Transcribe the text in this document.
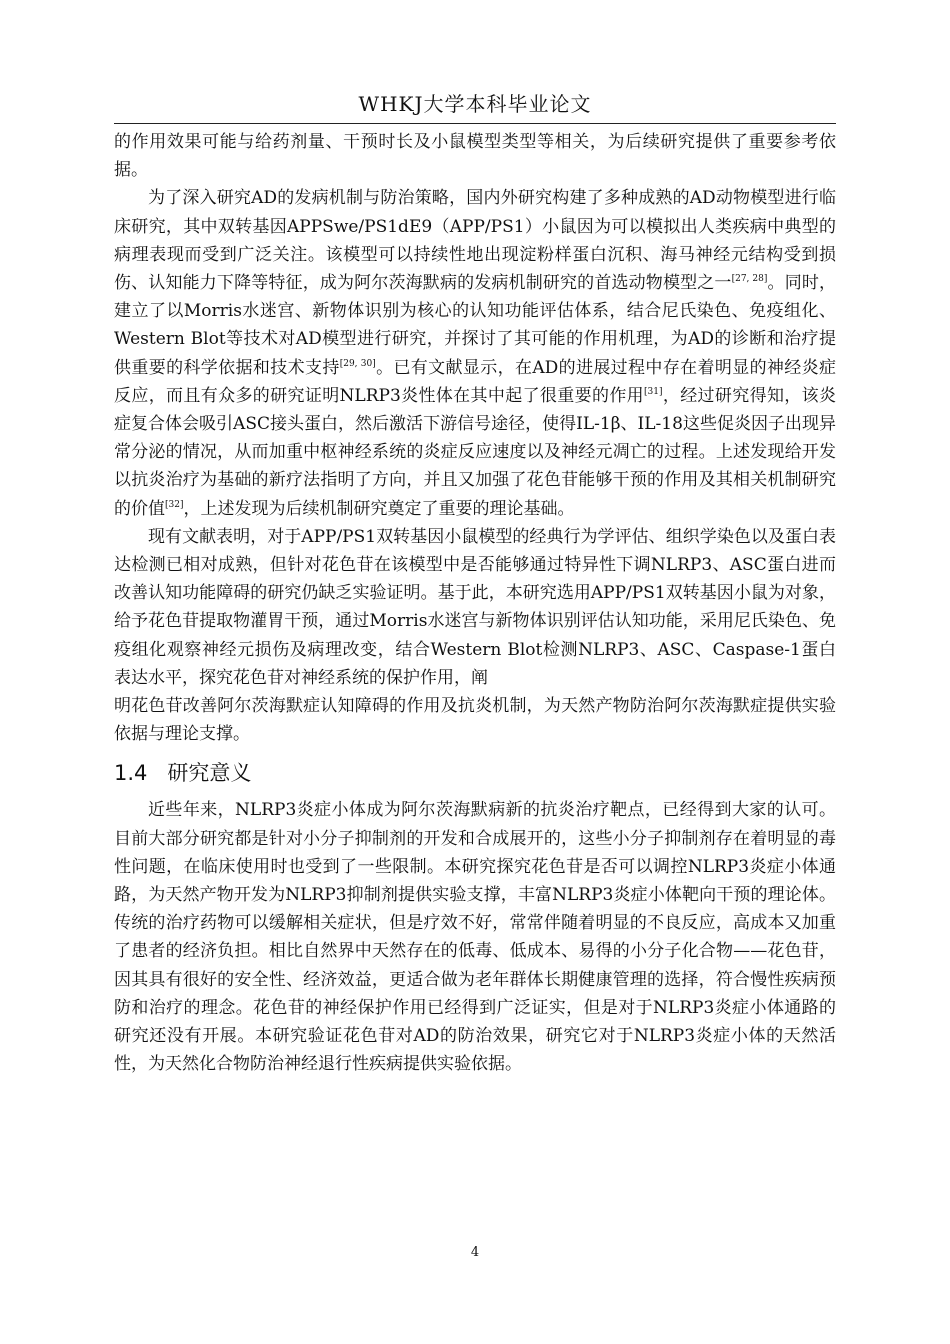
WHKJ大学本科毕业论文

的作用效果可能与给药剂量、干预时长及小鼠模型类型等相关，为后续研究提供了重要参考依据。

为了深入研究AD的发病机制与防治策略，国内外研究构建了多种成熟的AD动物模型进行临床研究，其中双转基因APPSwe/PS1dE9（APP/PS1）小鼠因为可以模拟出人类疾病中典型的病理表现而受到广泛关注。该模型可以持续性地出现淀粉样蛋白沉积、海马神经元结构受到损伤、认知能力下降等特征，成为阿尔茨海默病的发病机制研究的首选动物模型之一[27, 28]。同时，建立了以Morris水迷宫、新物体识别为核心的认知功能评估体系，结合尼氏染色、免疫组化、Western Blot等技术对AD模型进行研究，并探讨了其可能的作用机理，为AD的诊断和治疗提供重要的科学依据和技术支持[29, 30]。已有文献显示，在AD的进展过程中存在着明显的神经炎症反应，而且有众多的研究证明NLRP3炎性体在其中起了很重要的作用[31]，经过研究得知，该炎症复合体会吸引ASC接头蛋白，然后激活下游信号途径，使得IL-1β、IL-18这些促炎因子出现异常分泌的情况，从而加重中枢神经系统的炎症反应速度以及神经元凋亡的过程。上述发现给开发以抗炎治疗为基础的新疗法指明了方向，并且又加强了花色苷能够干预的作用及其相关机制研究的价值[32]，上述发现为后续机制研究奠定了重要的理论基础。

现有文献表明，对于APP/PS1双转基因小鼠模型的经典行为学评估、组织学染色以及蛋白表达检测已相对成熟，但针对花色苷在该模型中是否能够通过特异性下调NLRP3、ASC蛋白进而改善认知功能障碍的研究仍缺乏实验证明。基于此，本研究选用APP/PS1双转基因小鼠为对象，给予花色苷提取物灌胃干预，通过Morris水迷宫与新物体识别评估认知功能，采用尼氏染色、免疫组化观察神经元损伤及病理改变，结合Western Blot检测NLRP3、ASC、Caspase-1蛋白表达水平，探究花色苷对神经系统的保护作用，阐

明花色苷改善阿尔茨海默症认知障碍的作用及抗炎机制，为天然产物防治阿尔茨海默症提供实验依据与理论支撑。

1.4 研究意义

近些年来，NLRP3炎症小体成为阿尔茨海默病新的抗炎治疗靶点，已经得到大家的认可。目前大部分研究都是针对小分子抑制剂的开发和合成展开的，这些小分子抑制剂存在着明显的毒性问题，在临床使用时也受到了一些限制。本研究探究花色苷是否可以调控NLRP3炎症小体通路，为天然产物开发为NLRP3抑制剂提供实验支撑，丰富NLRP3炎症小体靶向干预的理论体。传统的治疗药物可以缓解相关症状，但是疗效不好，常常伴随着明显的不良反应，高成本又加重了患者的经济负担。相比自然界中天然存在的低毒、低成本、易得的小分子化合物——花色苷，因其具有很好的安全性、经济效益，更适合做为老年群体长期健康管理的选择，符合慢性疾病预防和治疗的理念。花色苷的神经保护作用已经得到广泛证实，但是对于NLRP3炎症小体通路的研究还没有开展。本研究验证花色苷对AD的防治效果，研究它对于NLRP3炎症小体的天然活性，为天然化合物防治神经退行性疾病提供实验依据。

4
